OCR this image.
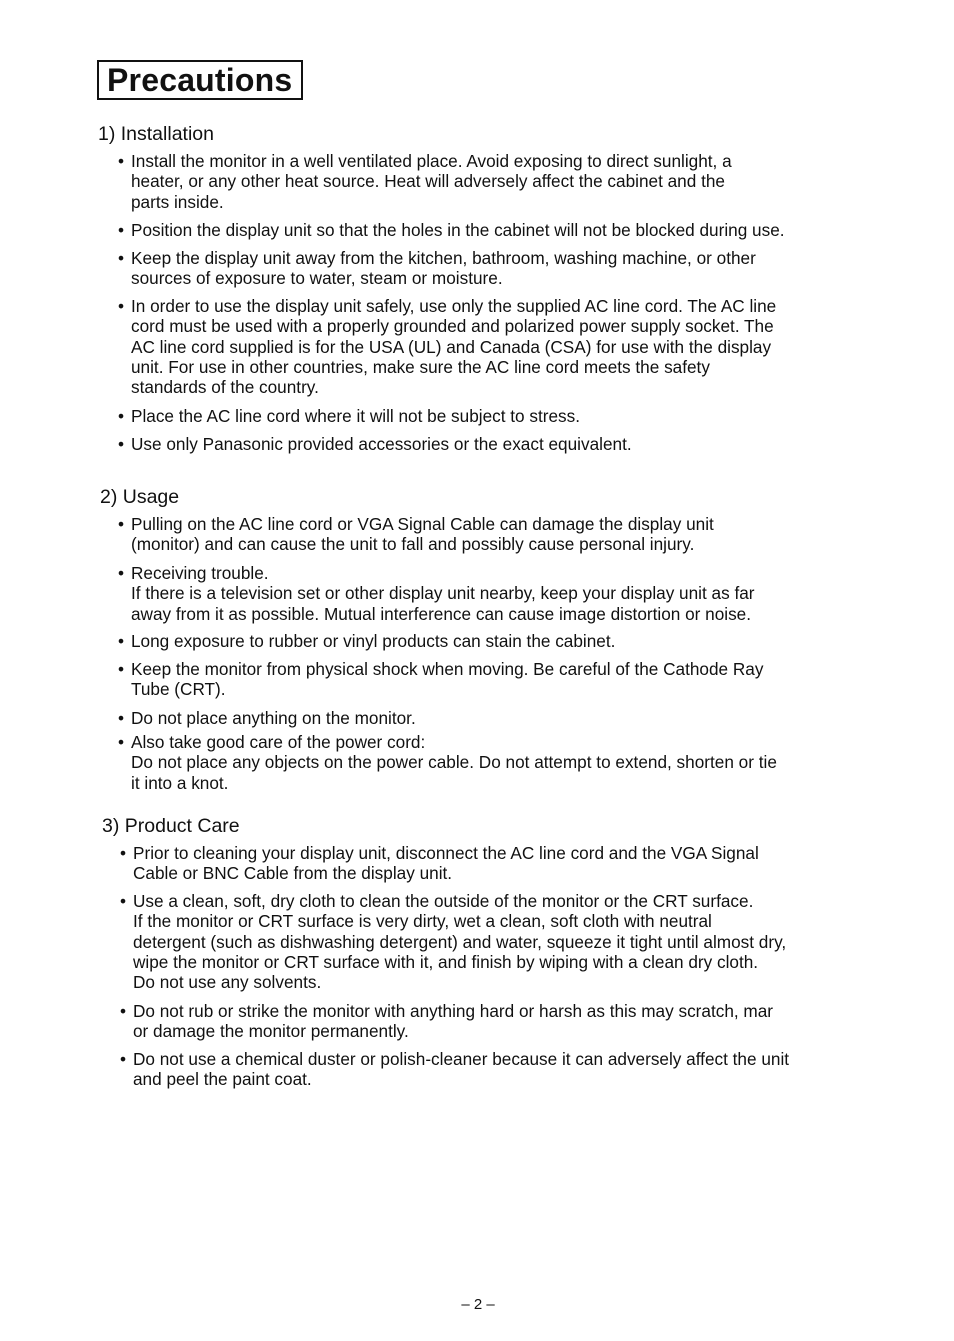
Precautions
1) Installation
• Install the monitor in a well ventilated place. Avoid exposing to direct sunlight, a
heater, or any other heat source. Heat will adversely affect the cabinet and the
parts inside.
• Position the display unit so that the holes in the cabinet will not be blocked during use.
• Keep the display unit away from the kitchen, bathroom, washing machine, or other
sources of exposure to water, steam or moisture.
• In order to use the display unit safely, use only the supplied AC line cord. The AC line
cord must be used with a properly grounded and polarized power supply socket. The
AC line cord supplied is for the USA (UL) and Canada (CSA) for use with the display
unit. For use in other countries, make sure the AC line cord meets the safety
standards of the country.
• Place the AC line cord where it will not be subject to stress.
• Use only Panasonic provided accessories or the exact equivalent.
2) Usage
• Pulling on the AC line cord or VGA Signal Cable can damage the display unit
(monitor) and can cause the unit to fall and possibly cause personal injury.
• Receiving trouble.
If there is a television set or other display unit nearby, keep your display unit as far
away from it as possible. Mutual interference can cause image distortion or noise.
• Long exposure to rubber or vinyl products can stain the cabinet.
• Keep the monitor from physical shock when moving. Be careful of the Cathode Ray
Tube (CRT).
• Do not place anything on the monitor.
• Also take good care of the power cord:
Do not place any objects on the power cable. Do not attempt to extend, shorten or tie
it into a knot.
3) Product Care
• Prior to cleaning your display unit, disconnect the AC line cord and the VGA Signal
Cable or BNC Cable from the display unit.
• Use a clean, soft, dry cloth to clean the outside of the monitor or the CRT surface.
If the monitor or CRT surface is very dirty, wet a clean, soft cloth with neutral
detergent (such as dishwashing detergent) and water, squeeze it tight until almost dry,
wipe the monitor or CRT surface with it, and finish by wiping with a clean dry cloth.
Do not use any solvents.
• Do not rub or strike the monitor with anything hard or harsh as this may scratch, mar
or damage the monitor permanently.
• Do not use a chemical duster or polish-cleaner because it can adversely affect the unit
and peel the paint coat.
– 2 –
